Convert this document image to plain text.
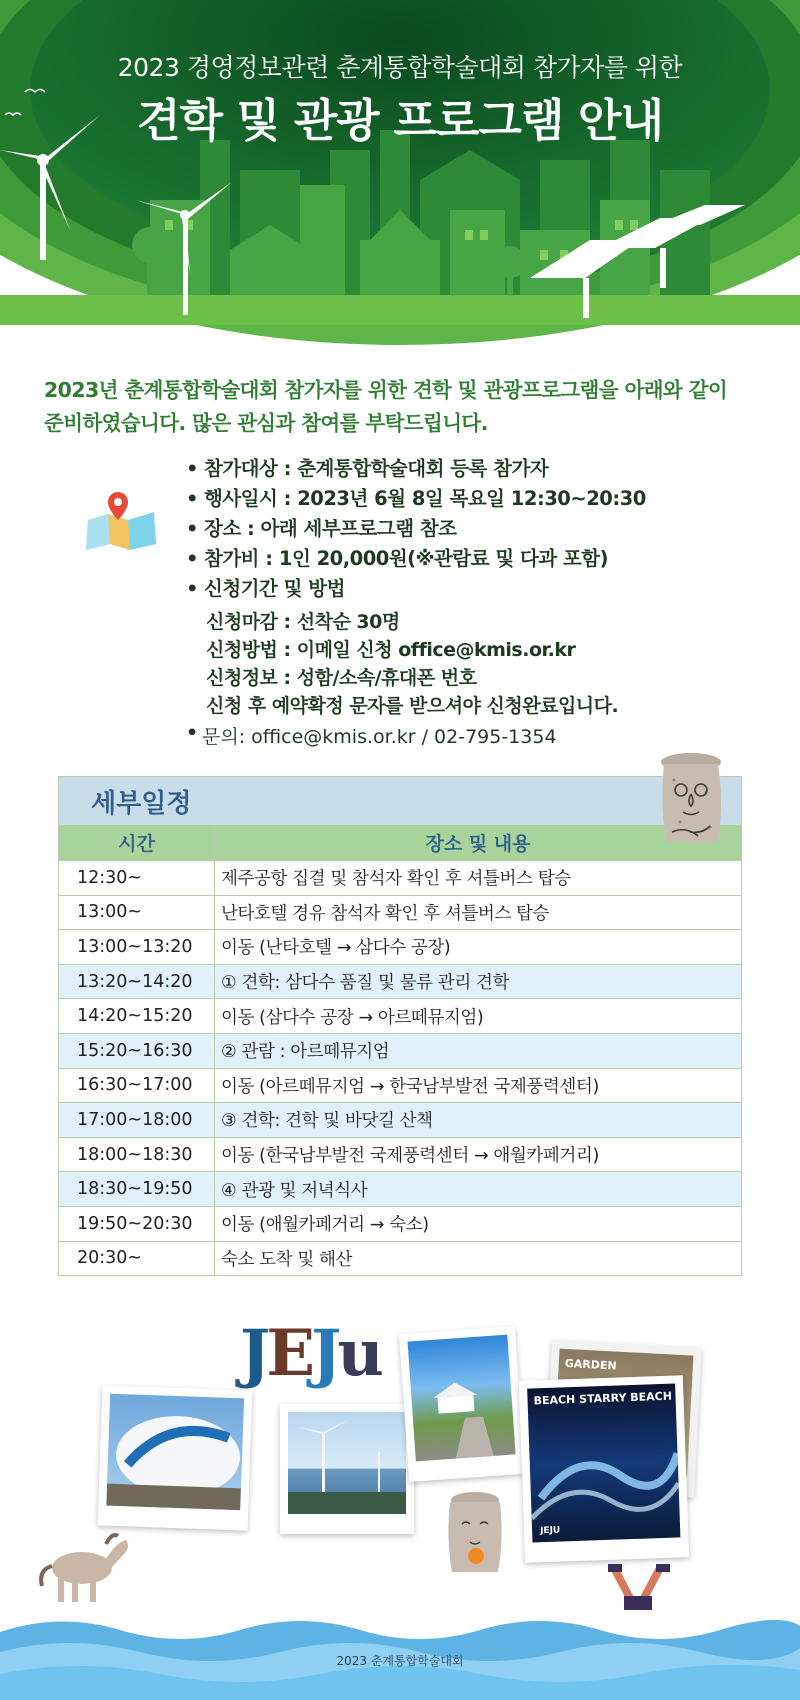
2023 경영정보관련 춘계통합학술대회 참가자를 위한
견학 및 관광 프로그램 안내
2023년 춘계통합학술대회 참가자를 위한 견학 및 관광프로그램을 아래와 같이
준비하였습니다. 많은 관심과 참여를 부탁드립니다.
• 참가대상 : 춘계통합학술대회 등록 참가자
• 행사일시 : 2023년 6월 8일 목요일 12:30~20:30
• 장소 : 아래 세부프로그램 참조
• 참가비 : 1인 20,000원(※관람료 및 다과 포함)
• 신청기간 및 방법
신청마감 : 선착순 30명
신청방법 : 이메일 신청 office@kmis.or.kr
신청정보 : 성함/소속/휴대폰 번호
신청 후 예약확정 문자를 받으셔야 신청완료입니다.
• 문의: office@kmis.or.kr / 02-795-1354
세부일정
시간	장소 및 내용
12:30~	제주공항 집결 및 참석자 확인 후 셔틀버스 탑승
13:00~	난타호텔 경유 참석자 확인 후 셔틀버스 탑승
13:00~13:20	이동 (난타호텔 → 삼다수 공장)
13:20~14:20	① 견학: 삼다수 품질 및 물류 관리 견학
14:20~15:20	이동 (삼다수 공장 → 아르떼뮤지엄)
15:20~16:30	② 관람 : 아르떼뮤지엄
16:30~17:00	이동 (아르떼뮤지엄 → 한국남부발전 국제풍력센터)
17:00~18:00	③ 견학: 견학 및 바닷길 산책
18:00~18:30	이동 (한국남부발전 국제풍력센터 → 애월카페거리)
18:30~19:50	④ 관광 및 저녁식사
19:50~20:30	이동 (애월카페거리 → 숙소)
20:30~	숙소 도착 및 해산
JEJu	GARDEN
BEACH STARRY BEACH
JEJU
2023 춘계통합학술대회
